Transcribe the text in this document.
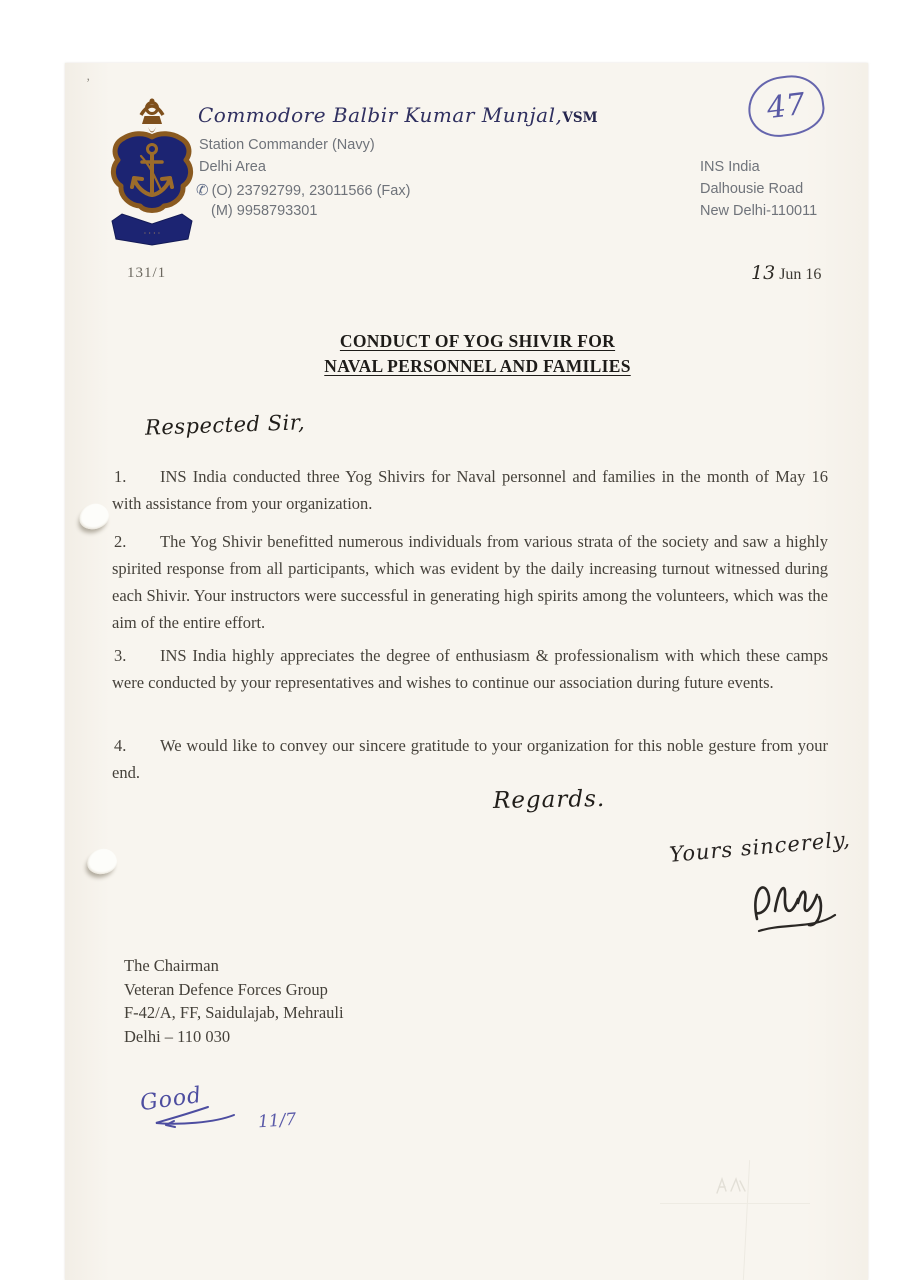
’
· · · ·
Commodore Balbir Kumar Munjal,VSM
Station Commander (Navy)
Delhi Area
✆ (O) 23792799, 23011566 (Fax)
(M) 9958793301
47
INS India
Dalhousie Road
New Delhi-110011
131/1	13 Jun 16
CONDUCT OF YOG SHIVIR FOR
NAVAL PERSONNEL AND FAMILIES
Respected Sir,
1.	INS India conducted three Yog Shivirs for Naval personnel and families in the month of May 16 with assistance from your organization.
2.	The Yog Shivir benefitted numerous individuals from various strata of the society and saw a highly spirited response from all participants, which was evident by the daily increasing turnout witnessed during each Shivir. Your instructors were successful in generating high spirits among the volunteers, which was the aim of the entire effort.
3.	INS India highly appreciates the degree of enthusiasm & professionalism with which these camps were conducted by your representatives and wishes to continue our association during future events.
4.	We would like to convey our sincere gratitude to your organization for this noble gesture from your end.
Regards.
Yours sincerely,
The Chairman
Veteran Defence Forces Group
F-42/A, FF, Saidulajab, Mehrauli
Delhi – 110 030
Good
11/7
